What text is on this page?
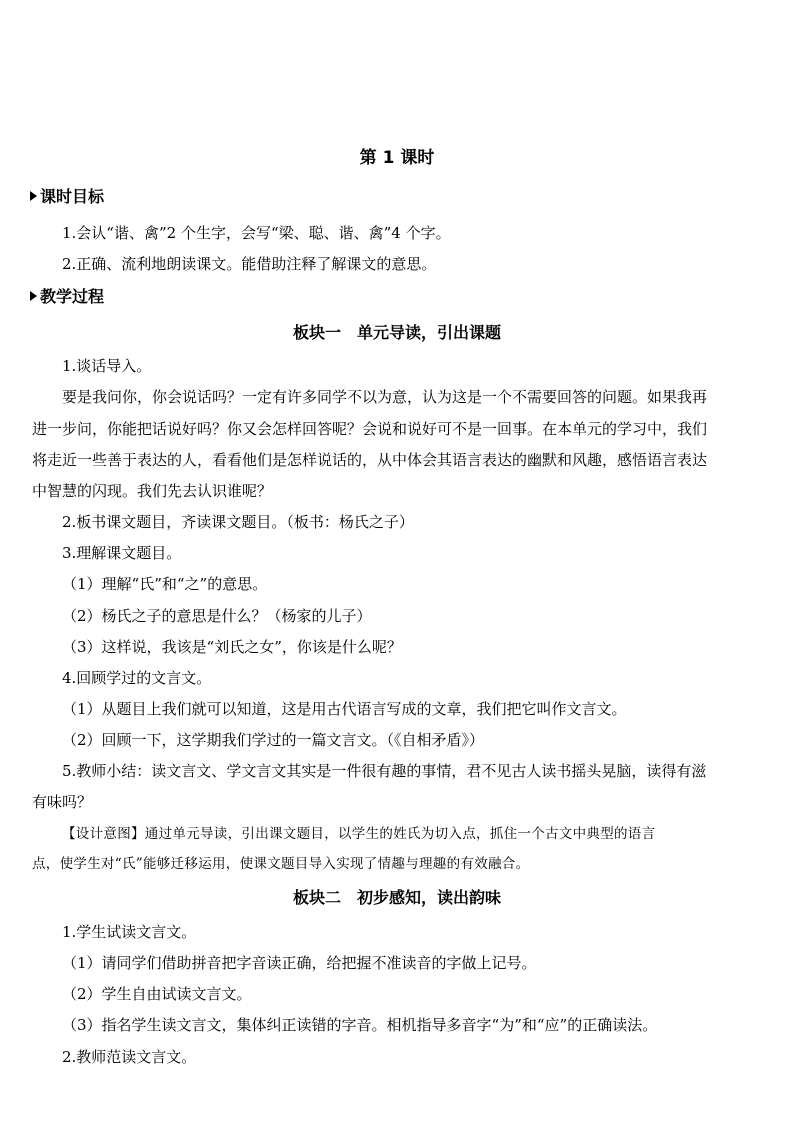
第 1 课时
课时目标
1.会认“谐、禽”2 个生字，会写“梁、聪、谐、禽”4 个字。
2.正确、流利地朗读课文。能借助注释了解课文的意思。
教学过程
板块一　单元导读，引出课题
1.谈话导入。
要是我问你，你会说话吗？一定有许多同学不以为意，认为这是一个不需要回答的问题。如果我再
进一步问，你能把话说好吗？你又会怎样回答呢？会说和说好可不是一回事。在本单元的学习中，我们
将走近一些善于表达的人，看看他们是怎样说话的，从中体会其语言表达的幽默和风趣，感悟语言表达
中智慧的闪现。我们先去认识谁呢？
2.板书课文题目，齐读课文题目。（板书：杨氏之子）
3.理解课文题目。
（1）理解“氏”和“之”的意思。
（2）杨氏之子的意思是什么？（杨家的儿子）
（3）这样说，我该是“刘氏之女”，你该是什么呢？
4.回顾学过的文言文。
（1）从题目上我们就可以知道，这是用古代语言写成的文章，我们把它叫作文言文。
（2）回顾一下，这学期我们学过的一篇文言文。（《自相矛盾》）
5.教师小结：读文言文、学文言文其实是一件很有趣的事情，君不见古人读书摇头晃脑，读得有滋
有味吗？
【设计意图】通过单元导读，引出课文题目，以学生的姓氏为切入点，抓住一个古文中典型的语言
点，使学生对“氏”能够迁移运用，使课文题目导入实现了情趣与理趣的有效融合。
板块二　初步感知，读出韵味
1.学生试读文言文。
（1）请同学们借助拼音把字音读正确，给把握不准读音的字做上记号。
（2）学生自由试读文言文。
（3）指名学生读文言文，集体纠正读错的字音。相机指导多音字“为”和“应”的正确读法。
2.教师范读文言文。
